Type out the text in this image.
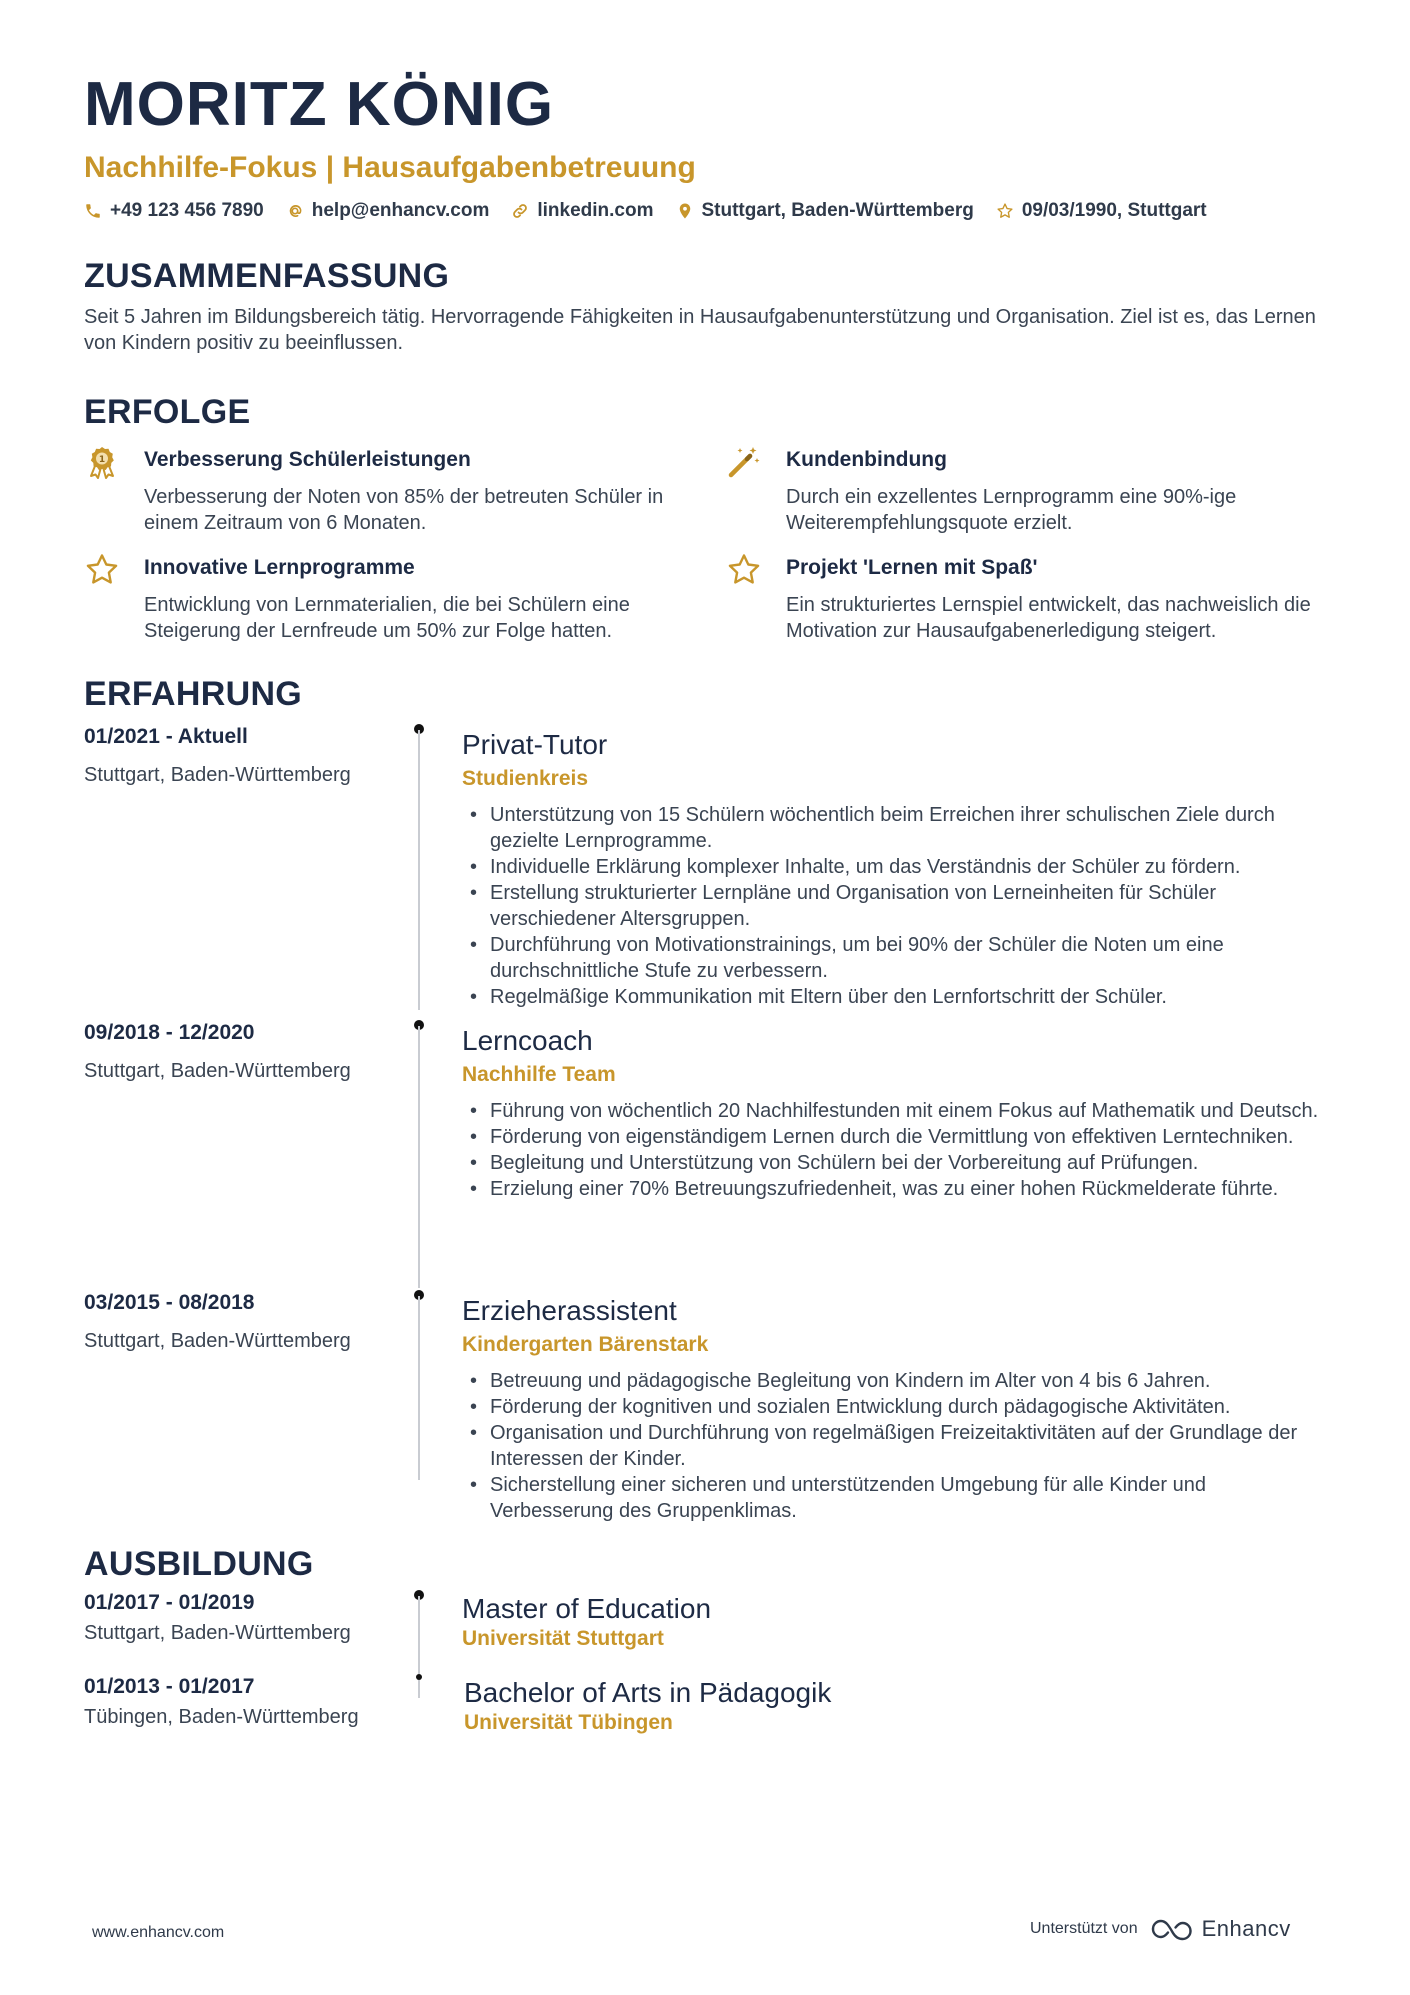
MORITZ KÖNIG
Nachhilfe-Fokus | Hausaufgabenbetreuung
+49 123 456 7890	help@enhancv.com	linkedin.com	Stuttgart, Baden-Württemberg	09/03/1990, Stuttgart
ZUSAMMENFASSUNG
Seit 5 Jahren im Bildungsbereich tätig. Hervorragende Fähigkeiten in Hausaufgabenunterstützung und Organisation. Ziel ist es, das Lernen von Kindern positiv zu beeinflussen.
ERFOLGE
1 Verbesserung Schülerleistungen
Verbesserung der Noten von 85% der betreuten Schüler in einem Zeitraum von 6 Monaten.
Kundenbindung
Durch ein exzellentes Lernprogramm eine 90%-ige Weiterempfehlungsquote erzielt.
Innovative Lernprogramme
Entwicklung von Lernmaterialien, die bei Schülern eine Steigerung der Lernfreude um 50% zur Folge hatten.
Projekt 'Lernen mit Spaß'
Ein strukturiertes Lernspiel entwickelt, das nachweislich die Motivation zur Hausaufgabenerledigung steigert.
ERFAHRUNG
01/2021 - Aktuell
Stuttgart, Baden-Württemberg
Privat-Tutor
Studienkreis
• Unterstützung von 15 Schülern wöchentlich beim Erreichen ihrer schulischen Ziele durch gezielte Lernprogramme.
• Individuelle Erklärung komplexer Inhalte, um das Verständnis der Schüler zu fördern.
• Erstellung strukturierter Lernpläne und Organisation von Lerneinheiten für Schüler verschiedener Altersgruppen.
• Durchführung von Motivationstrainings, um bei 90% der Schüler die Noten um eine durchschnittliche Stufe zu verbessern.
• Regelmäßige Kommunikation mit Eltern über den Lernfortschritt der Schüler.
09/2018 - 12/2020
Stuttgart, Baden-Württemberg
Lerncoach
Nachhilfe Team
• Führung von wöchentlich 20 Nachhilfestunden mit einem Fokus auf Mathematik und Deutsch.
• Förderung von eigenständigem Lernen durch die Vermittlung von effektiven Lerntechniken.
• Begleitung und Unterstützung von Schülern bei der Vorbereitung auf Prüfungen.
• Erzielung einer 70% Betreuungszufriedenheit, was zu einer hohen Rückmelderate führte.
03/2015 - 08/2018
Stuttgart, Baden-Württemberg
Erzieherassistent
Kindergarten Bärenstark
• Betreuung und pädagogische Begleitung von Kindern im Alter von 4 bis 6 Jahren.
• Förderung der kognitiven und sozialen Entwicklung durch pädagogische Aktivitäten.
• Organisation und Durchführung von regelmäßigen Freizeitaktivitäten auf der Grundlage der Interessen der Kinder.
• Sicherstellung einer sicheren und unterstützenden Umgebung für alle Kinder und Verbesserung des Gruppenklimas.
AUSBILDUNG
01/2017 - 01/2019
Stuttgart, Baden-Württemberg
Master of Education
Universität Stuttgart
01/2013 - 01/2017
Tübingen, Baden-Württemberg
Bachelor of Arts in Pädagogik
Universität Tübingen
www.enhancv.com	Unterstützt von	Enhancv
